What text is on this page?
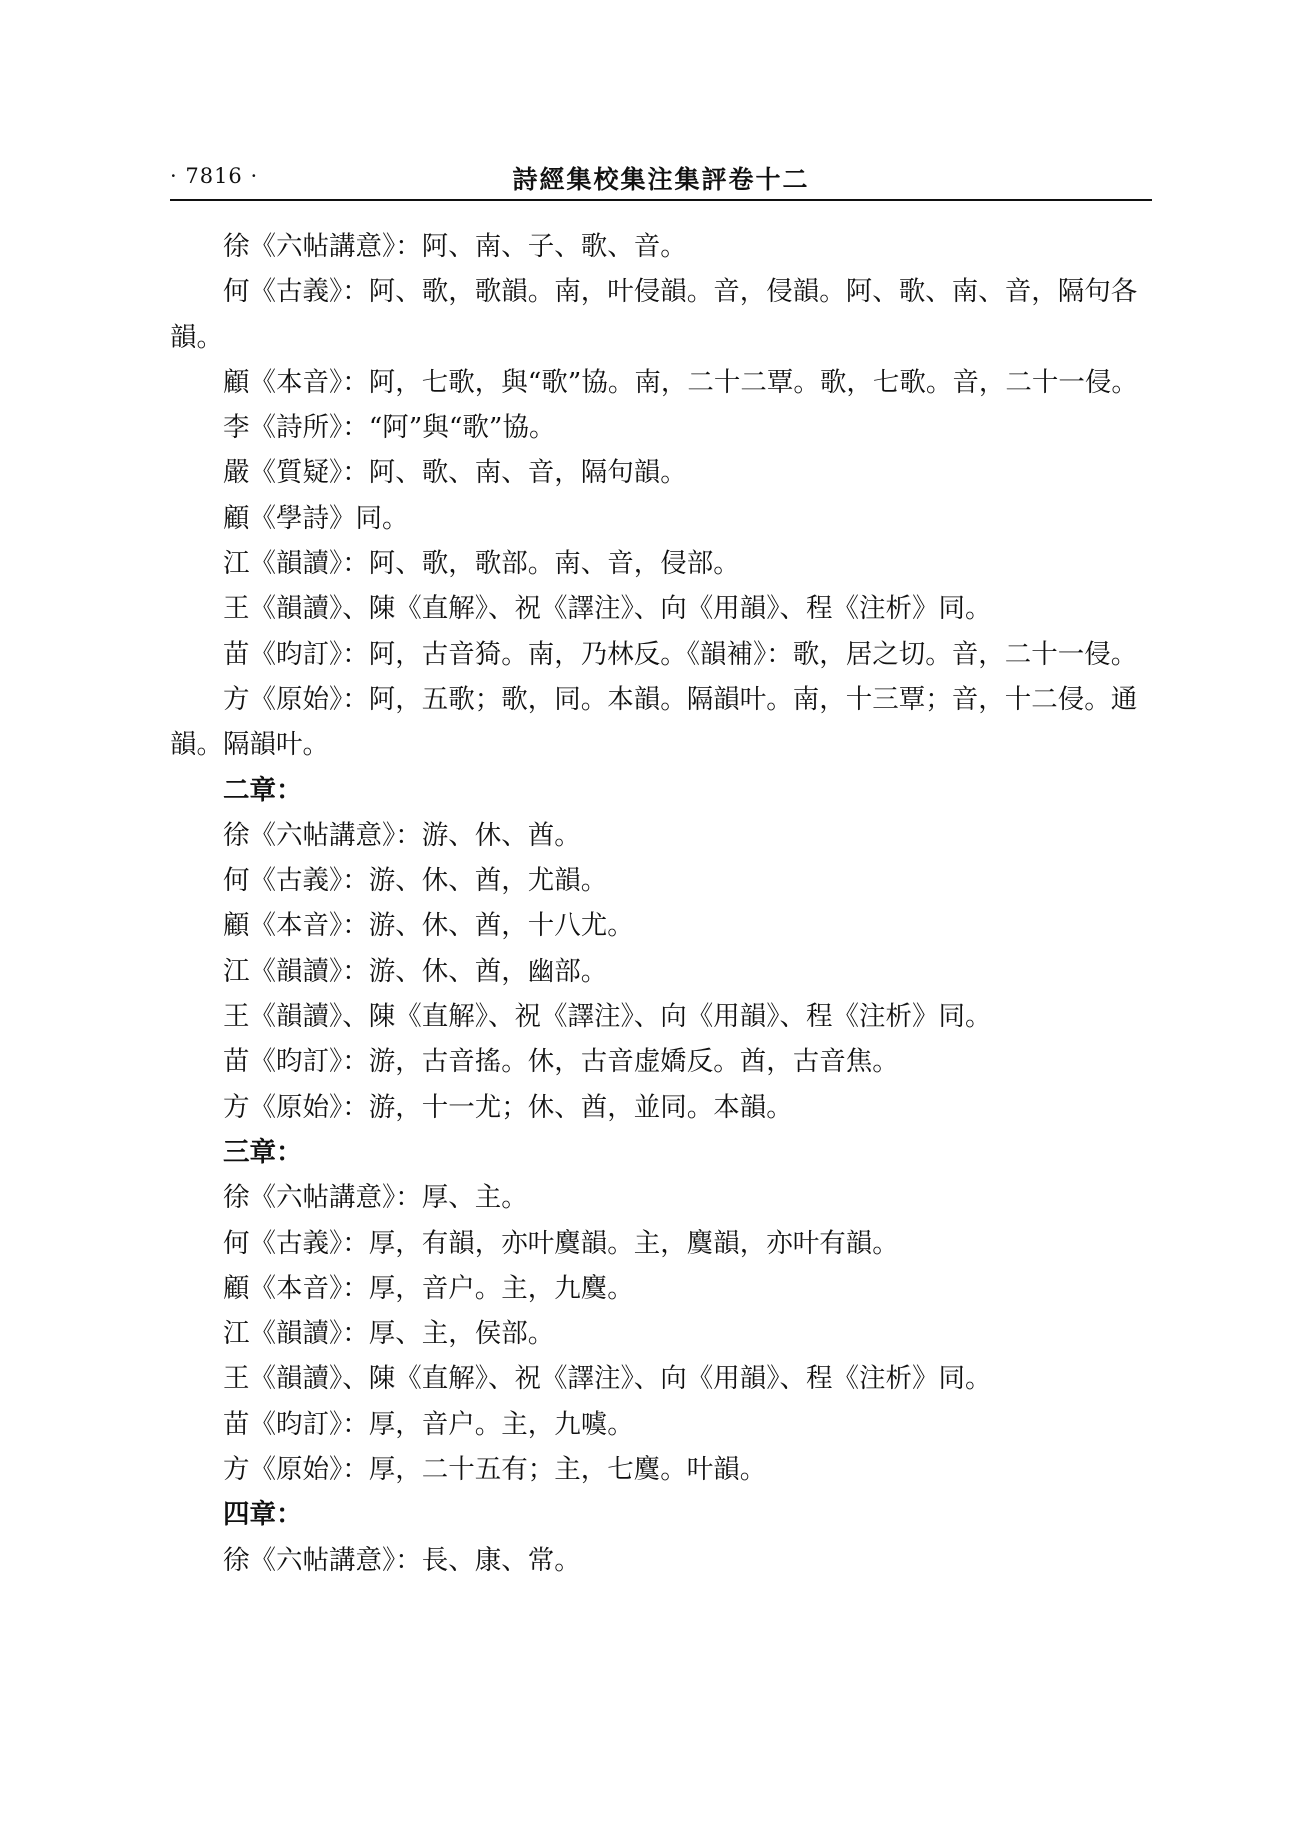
· 7816 ·	詩經集校集注集評卷十二

徐《六帖講意》：阿、南、子、歌、音。

何《古義》：阿、歌，歌韻。南，叶侵韻。音，侵韻。阿、歌、南、音，隔句各韻。

顧《本音》：阿，七歌，與“歌”協。南，二十二覃。歌，七歌。音，二十一侵。

李《詩所》：“阿”與“歌”協。

嚴《質疑》：阿、歌、南、音，隔句韻。

顧《學詩》同。

江《韻讀》：阿、歌，歌部。南、音，侵部。

王《韻讀》、陳《直解》、祝《譯注》、向《用韻》、程《注析》同。

苗《昀訂》：阿，古音猗。南，乃林反。《韻補》：歌，居之切。音，二十一侵。

方《原始》：阿，五歌；歌，同。本韻。隔韻叶。南，十三覃；音，十二侵。通韻。隔韻叶。

二章：

徐《六帖講意》：游、休、酋。

何《古義》：游、休、酋，尤韻。

顧《本音》：游、休、酋，十八尤。

江《韻讀》：游、休、酋，幽部。

王《韻讀》、陳《直解》、祝《譯注》、向《用韻》、程《注析》同。

苗《昀訂》：游，古音搖。休，古音虚嬌反。酋，古音焦。

方《原始》：游，十一尤；休、酋，並同。本韻。

三章：

徐《六帖講意》：厚、主。

何《古義》：厚，有韻，亦叶麌韻。主，麌韻，亦叶有韻。

顧《本音》：厚，音户。主，九麌。

江《韻讀》：厚、主，侯部。

王《韻讀》、陳《直解》、祝《譯注》、向《用韻》、程《注析》同。

苗《昀訂》：厚，音户。主，九噳。

方《原始》：厚，二十五有；主，七麌。叶韻。

四章：

徐《六帖講意》：長、康、常。
